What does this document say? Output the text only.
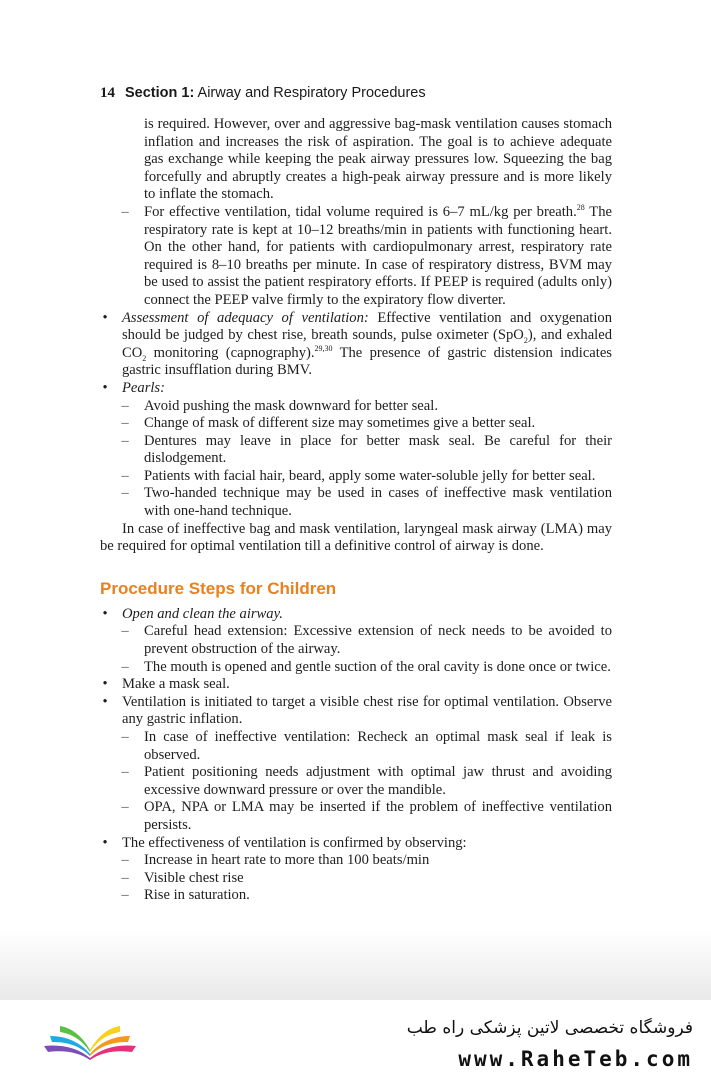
14 Section 1: Airway and Respiratory Procedures

is required. However, over and aggressive bag-mask ventilation causes stomach inflation and increases the risk of aspiration. The goal is to achieve adequate gas exchange while keeping the peak airway pressures low. Squeezing the bag forcefully and abruptly creates a high-peak airway pressure and is more likely to inflate the stomach.

– For effective ventilation, tidal volume required is 6–7 mL/kg per breath.$^{28}$ The respiratory rate is kept at 10–12 breaths/min in patients with functioning heart. On the other hand, for patients with cardiopulmonary arrest, respiratory rate required is 8–10 breaths per minute. In case of respiratory distress, BVM may be used to assist the patient respiratory efforts. If PEEP is required (adults only) connect the PEEP valve firmly to the expiratory flow diverter.

• Assessment of adequacy of ventilation: Effective ventilation and oxygenation should be judged by chest rise, breath sounds, pulse oximeter (SpO$_2$), and exhaled $CO_2$ monitoring (capnography).$^{29,30}$ The presence of gastric distension indicates gastric insufflation during BMV.

• Pearls:

– Avoid pushing the mask downward for better seal.

– Change of mask of different size may sometimes give a better seal.

– Dentures may leave in place for better mask seal. Be careful for their dislodgement.

– Patients with facial hair, beard, apply some water-soluble jelly for better seal.

– Two-handed technique may be used in cases of ineffective mask ventilation with one-hand technique.

In case of ineffective bag and mask ventilation, laryngeal mask airway (LMA) may be required for optimal ventilation till a definitive control of airway is done.

Procedure Steps for Children
• Open and clean the airway.

– Careful head extension: Excessive extension of neck needs to be avoided to prevent obstruction of the airway.

– The mouth is opened and gentle suction of the oral cavity is done once or twice.

• Make a mask seal.

• Ventilation is initiated to target a visible chest rise for optimal ventilation. Observe any gastric inflation.

– In case of ineffective ventilation: Recheck an optimal mask seal if leak is observed.

– Patient positioning needs adjustment with optimal jaw thrust and avoiding excessive downward pressure or over the mandible.

– OPA, NPA or LMA may be inserted if the problem of ineffective ventilation persists.

• The effectiveness of ventilation is confirmed by observing:

– Increase in heart rate to more than 100 beats/min

– Visible chest rise

– Rise in saturation.

فروشگاه تخصصی لاتین پزشکی راه طب
www.RaheTeb.com
